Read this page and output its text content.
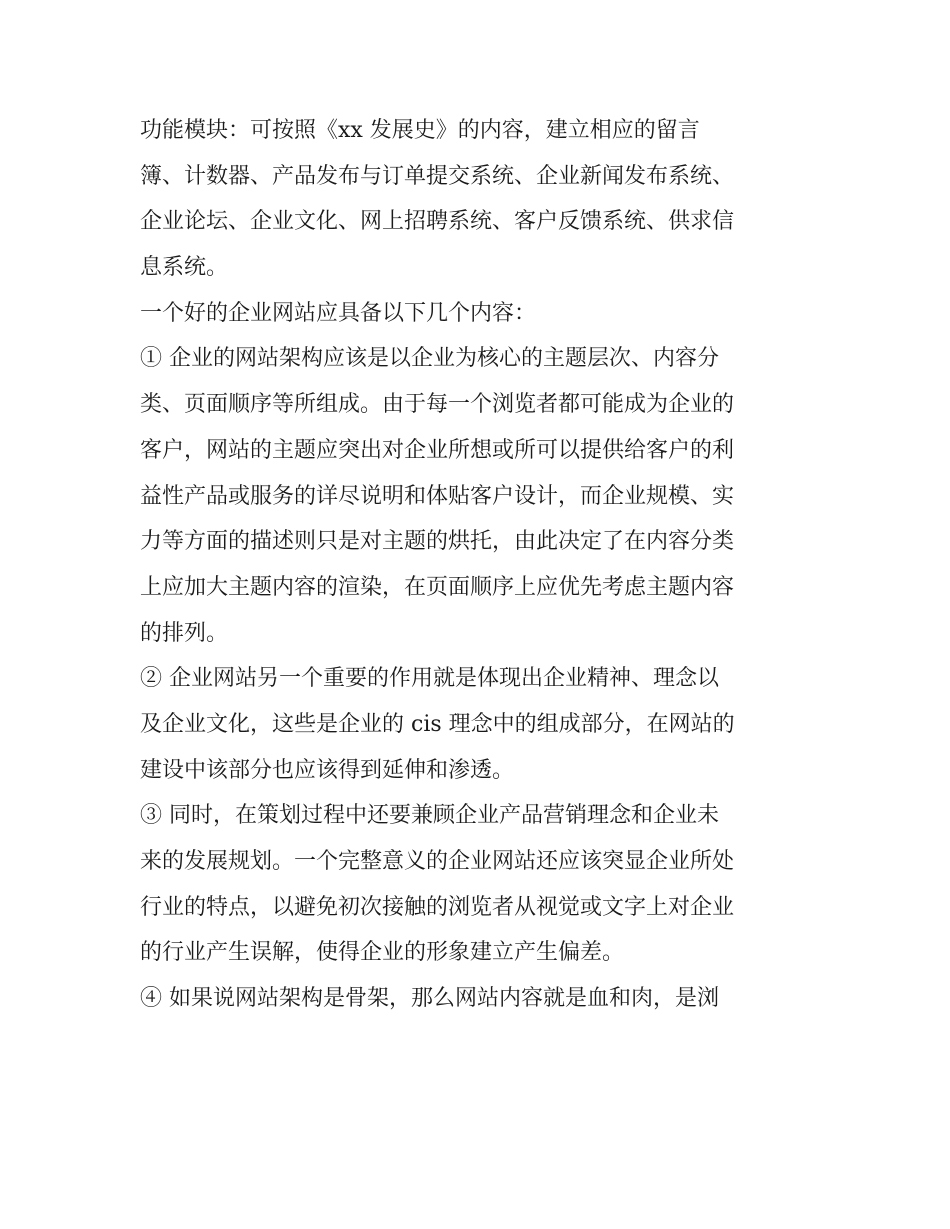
功能模块：可按照《xx 发展史》的内容，建立相应的留言
簿、计数器、产品发布与订单提交系统、企业新闻发布系统、
企业论坛、企业文化、网上招聘系统、客户反馈系统、供求信
息系统。
一个好的企业网站应具备以下几个内容：
① 企业的网站架构应该是以企业为核心的主题层次、内容分
类、页面顺序等所组成。由于每一个浏览者都可能成为企业的
客户，网站的主题应突出对企业所想或所可以提供给客户的利
益性产品或服务的详尽说明和体贴客户设计，而企业规模、实
力等方面的描述则只是对主题的烘托，由此决定了在内容分类
上应加大主题内容的渲染，在页面顺序上应优先考虑主题内容
的排列。
② 企业网站另一个重要的作用就是体现出企业精神、理念以
及企业文化，这些是企业的 cis 理念中的组成部分，在网站的
建设中该部分也应该得到延伸和渗透。
③ 同时，在策划过程中还要兼顾企业产品营销理念和企业未
来的发展规划。一个完整意义的企业网站还应该突显企业所处
行业的特点，以避免初次接触的浏览者从视觉或文字上对企业
的行业产生误解，使得企业的形象建立产生偏差。
④ 如果说网站架构是骨架，那么网站内容就是血和肉，是浏
